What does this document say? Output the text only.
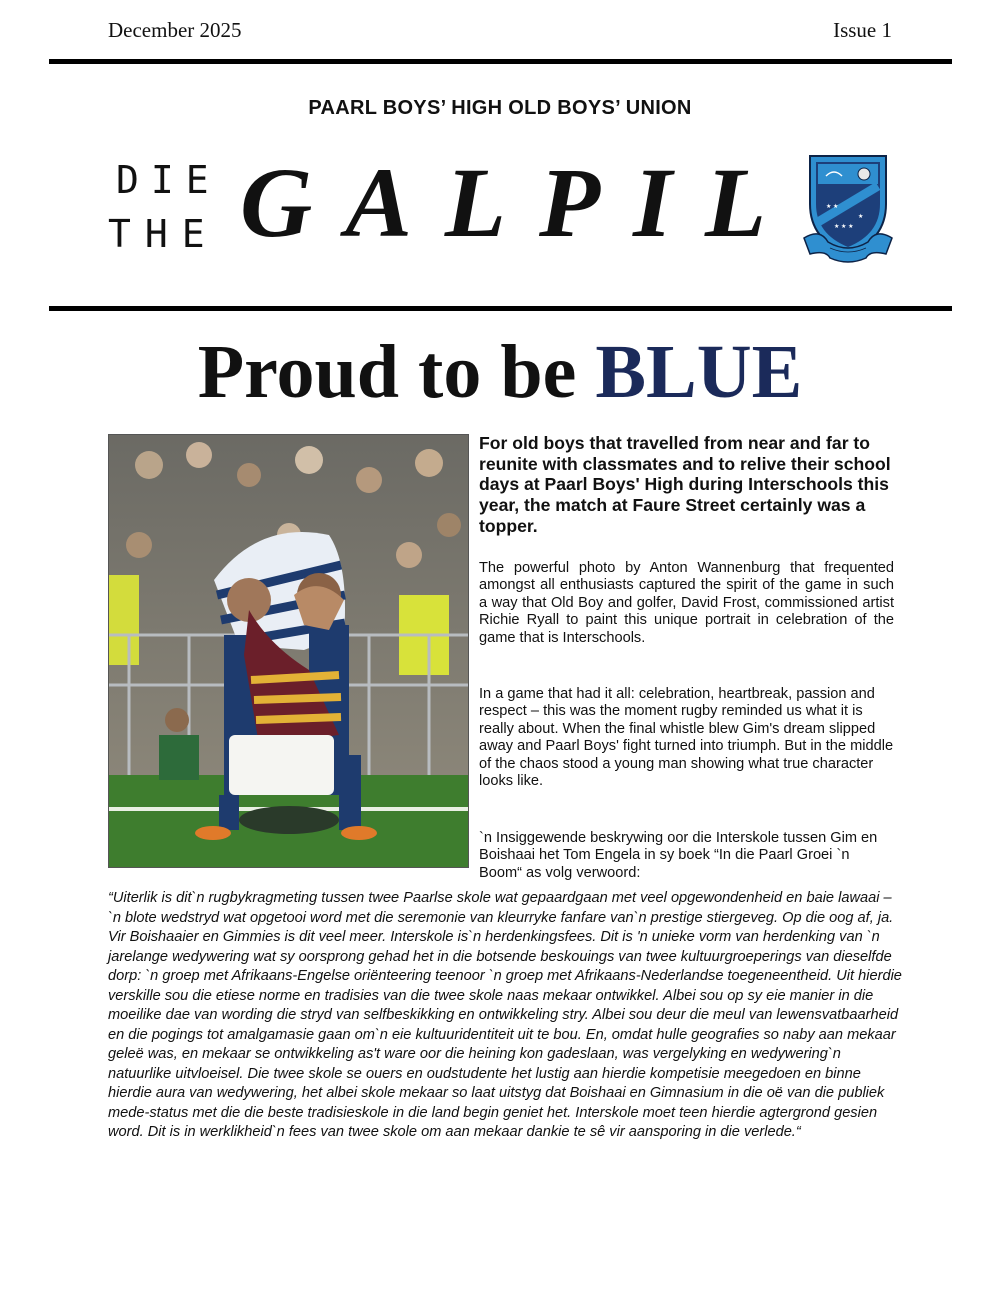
December 2025	Issue 1
PAARL BOYS’ HIGH OLD BOYS’ UNION
DIE
THE GALPIL	★ ★
★ ★ ★
★
Proud to be BLUE
For old boys that travelled from near and far to reunite with classmates and to relive their school days at Paarl Boys' High during Interschools this year, the match at Faure Street certainly was a topper.
The powerful photo by Anton Wannenburg that frequented amongst all enthusiasts captured the spirit of the game in such a way that Old Boy and golfer, David Frost, commissioned artist Richie Ryall to paint this unique portrait in celebration of the game that is Interschools.
In a game that had it all: celebration, heartbreak, passion and respect – this was the moment rugby reminded us what it is really about. When the final whistle blew Gim's dream slipped away and Paarl Boys' fight turned into triumph. But in the middle of the chaos stood a young man showing what true character looks like.
`n Insiggewende beskrywing oor die Interskole tussen Gim en Boishaai het Tom Engela in sy boek “In die Paarl Groei `n Boom“ as volg verwoord:
“Uiterlik is dit`n rugbykragmeting tussen twee Paarlse skole wat gepaardgaan met veel opgewondenheid en baie lawaai – `n blote wedstryd wat opgetooi word met die seremonie van kleurryke fanfare van`n prestige stiergeveg. Op die oog af, ja. Vir Boishaaier en Gimmies is dit veel meer. Interskole is`n herdenkingsfees. Dit is 'n unieke vorm van herdenking van `n jarelange wedywering wat sy oorsprong gehad het in die botsende beskouings van twee kultuurgroeperings van dieselfde dorp: `n groep met Afrikaans-Engelse oriënteering teenoor `n groep met Afrikaans-Nederlandse toegeneentheid. Uit hierdie verskille sou die etiese norme en tradisies van die twee skole naas mekaar ontwikkel. Albei sou op sy eie manier in die moeilike dae van wording die stryd van selfbeskikking en ontwikkeling stry. Albei sou deur die meul van lewensvatbaarheid en die pogings tot amalgamasie gaan om`n eie kultuuridentiteit uit te bou. En, omdat hulle geografies so naby aan mekaar geleë was, en mekaar se ontwikkeling as't ware oor die heining kon gadeslaan, was vergelyking en wedywering`n natuurlike uitvloeisel. Die twee skole se ouers en oudstudente het lustig aan hierdie kompetisie meegedoen en binne hierdie aura van wedywering, het albei skole mekaar so laat uitstyg dat Boishaai en Gimnasium in die oë van die publiek mede-status met die die beste tradisieskole in die land begin geniet het. Interskole moet teen hierdie agtergrond gesien word. Dit is in werklikheid`n fees van twee skole om aan mekaar dankie te sê vir aansporing in die verlede.“
